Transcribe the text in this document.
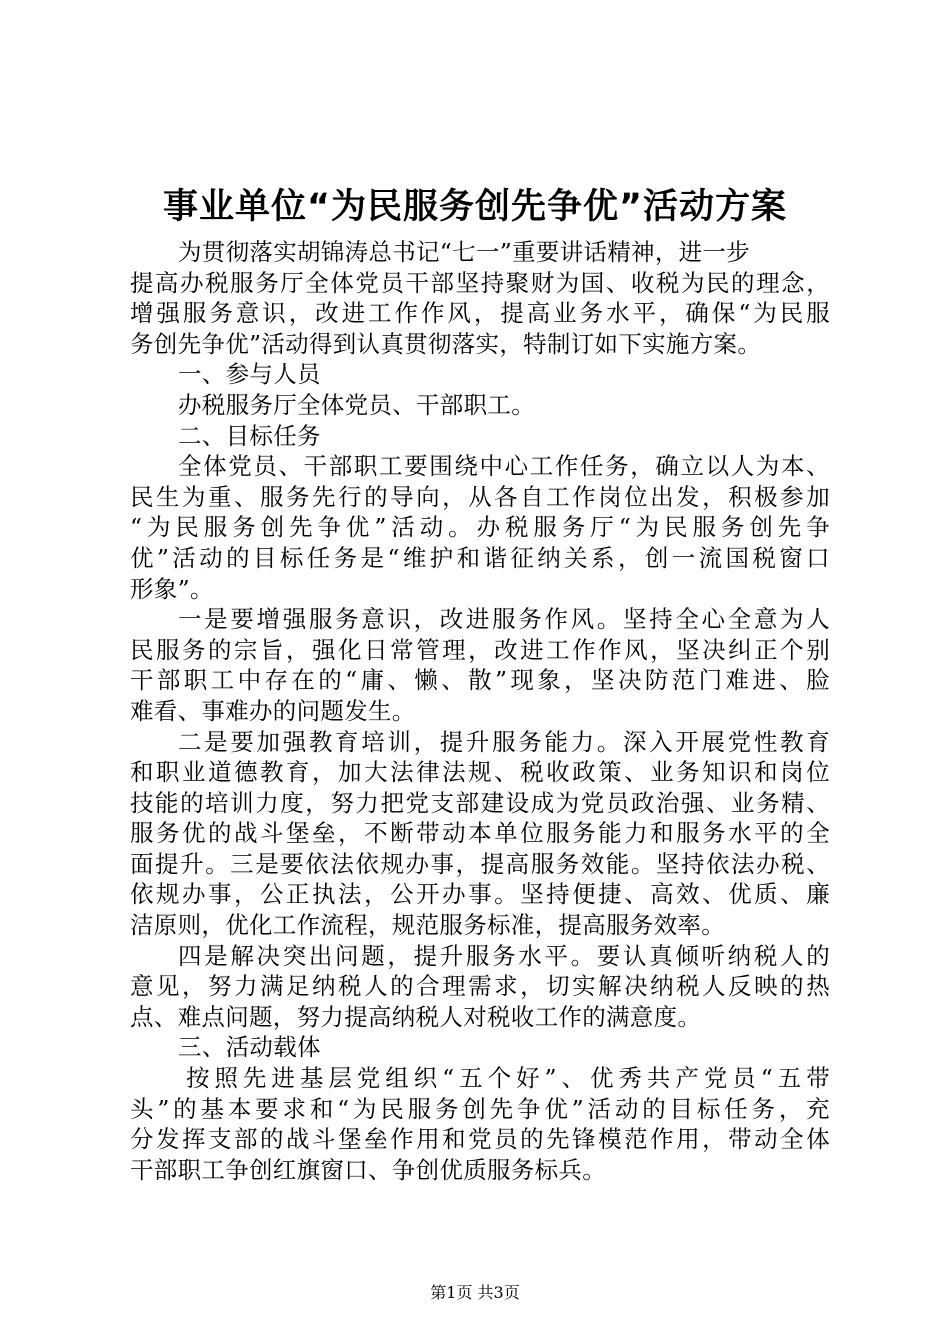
事业单位“为民服务创先争优”活动方案
为贯彻落实胡锦涛总书记“七一”重要讲话精神，进一步
提高办税服务厅全体党员干部坚持聚财为国、收税为民的理念，
增强服务意识，改进工作作风，提高业务水平，确保“为民服
务创先争优”活动得到认真贯彻落实，特制订如下实施方案。
一、参与人员
办税服务厅全体党员、干部职工。
二、目标任务
全体党员、干部职工要围绕中心工作任务，确立以人为本、
民生为重、服务先行的导向，从各自工作岗位出发，积极参加
“为民服务创先争优”活动。办税服务厅“为民服务创先争
优”活动的目标任务是“维护和谐征纳关系，创一流国税窗口
形象”。
一是要增强服务意识，改进服务作风。坚持全心全意为人
民服务的宗旨，强化日常管理，改进工作作风，坚决纠正个别
干部职工中存在的“庸、懒、散”现象，坚决防范门难进、脸
难看、事难办的问题发生。
二是要加强教育培训，提升服务能力。深入开展党性教育
和职业道德教育，加大法律法规、税收政策、业务知识和岗位
技能的培训力度，努力把党支部建设成为党员政治强、业务精、
服务优的战斗堡垒，不断带动本单位服务能力和服务水平的全
面提升。三是要依法依规办事，提高服务效能。坚持依法办税、
依规办事，公正执法，公开办事。坚持便捷、高效、优质、廉
洁原则，优化工作流程，规范服务标准，提高服务效率。
四是解决突出问题，提升服务水平。要认真倾听纳税人的
意见，努力满足纳税人的合理需求，切实解决纳税人反映的热
点、难点问题，努力提高纳税人对税收工作的满意度。
三、活动载体
按照先进基层党组织“五个好”、优秀共产党员“五带
头”的基本要求和“为民服务创先争优”活动的目标任务，充
分发挥支部的战斗堡垒作用和党员的先锋模范作用，带动全体
干部职工争创红旗窗口、争创优质服务标兵。
第1页 共3页
